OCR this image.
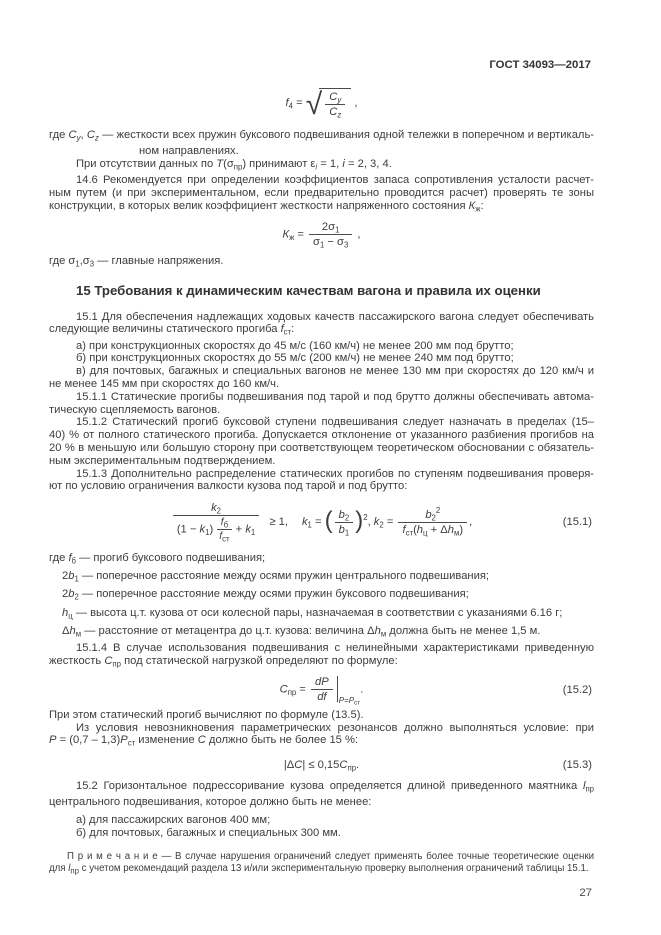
ГОСТ 34093—2017
$f_4$ = √ $\frac{C_y}{C_z}$ ,
где $C_y$, $C_z$ — жесткости всех пружин буксового подвешивания одной тележки в поперечном и вертикаль-
ном направлениях.
При отсутствии данных по $Т(\sigma_{пр})$ принимают $\varepsilon_i = 1$, i = 2, 3, 4.
14.6 Рекомендуется при определении коэффициентов запаса сопротивления усталости расчет-
ным путем (и при экспериментальном, если предварительно проводится расчет) проверять те зоны
конструкции, в которых велик коэффициент жесткости напряженного состояния $К_ж$:
$К_ж = \frac{2\sigma_1}{\sigma_1 - \sigma_3}$ ,
где $\sigma_1,\sigma_3$ — главные напряжения.
15 Требования к динамическим качествам вагона и правила их оценки
15.1 Для обеспечения надлежащих ходовых качеств пассажирского вагона следует обеспечивать
следующие величины статического прогиба $f_{ст}$:
а) при конструкционных скоростях до 45 м/с (160 км/ч) не менее 200 мм под брутто;
б) при конструкционных скоростях до 55 м/с (200 км/ч) не менее 240 мм под брутто;
в) для почтовых, багажных и специальных вагонов не менее 130 мм при скоростях до 120 км/ч и
не менее 145 мм при скоростях до 160 км/ч.
15.1.1 Статические прогибы подвешивания под тарой и под брутто должны обеспечивать автома-
тическую сцепляемость вагонов.
15.1.2 Статический прогиб буксовой ступени подвешивания следует назначать в пределах (15–
40) % от полного статического прогиба. Допускается отклонение от указанного разбиения прогибов на
20 % в меньшую или большую сторону при соответствующем теоретическом обосновании с обязатель-
ным экспериментальным подтверждением.
15.1.3 Дополнительно распределение статических прогибов по ступеням подвешивания проверя-
ют по условию ограничения валкости кузова под тарой и под брутто:
$k_2$
$(1 - k_1)$
$f_б$
$f_{ст}$
+ $k_1$
≥ 1, $k_1$ = ( $\frac{b_2}{b_1} )^2$, $k_2$ =
$b_2^2$
$f_{ст}(h_ц + \Delta h_м)$
,	(15.1)
где $f_б$ — прогиб буксового подвешивания;
$2b_1$ — поперечное расстояние между осями пружин центрального подвешивания;
$2b_2$ — поперечное расстояние между осями пружин буксового подвешивания;
$h_ц$ — высота ц.т. кузова от оси колесной пары, назначаемая в соответствии с указаниями 6.16 г;
$\Delta h_м$ — расстояние от метацентра до ц.т. кузова: величина $\Delta h_м$ должна быть не менее 1,5 м.
15.1.4 В случае использования подвешивания с нелинейными характеристиками приведенную
жесткость $С_{пр}$ под статической нагрузкой определяют по формуле:
$С_{пр} = \frac{dP}{df} _{Р=Р_{ст}}$.	(15.2)
При этом статический прогиб вычисляют по формуле (13.5).
Из условия невозникновения параметрических резонансов должно выполняться условие: при
$Р = (0,7 - 1,3)Р_{ст}$ изменение С должно быть не более 15 %:
$|\Delta С| \le 0,15С_{пр}$.	(15.3)
15.2 Горизонтальное подрессоривание кузова определяется длиной приведенного маятника $l_{пр}$
центрального подвешивания, которое должно быть не менее:
а) для пассажирских вагонов 400 мм;
б) для почтовых, багажных и специальных 300 мм.
П р и м е ч а н и е — В случае нарушения ограничений следует применять более точные теоретические оценки
для $l_{пр}$ с учетом рекомендаций раздела 13 и/или экспериментальную проверку выполнения ограничений таблицы 15.1.
27
